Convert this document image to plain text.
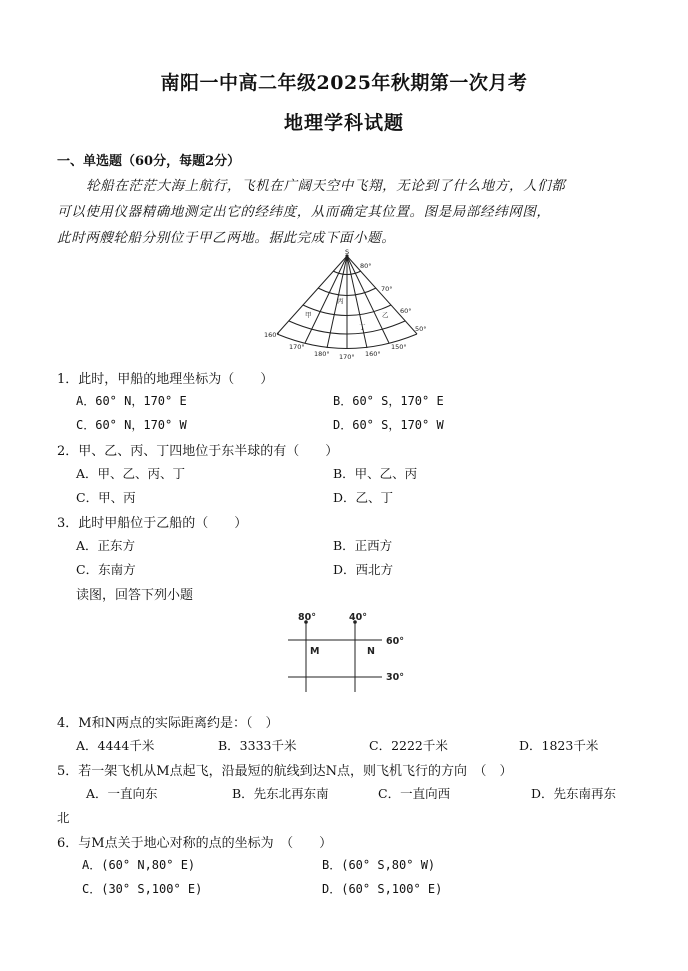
南阳一中高二年级2025年秋期第一次月考
地理学科试题
一、单选题（60分，每题2分）
轮船在茫茫大海上航行，飞机在广阔天空中飞翔，无论到了什么地方，人们都
可以使用仪器精确地测定出它的经纬度，从而确定其位置。图是局部经纬网图，
此时两艘轮船分别位于甲乙两地。据此完成下面小题。
S
80°
70°
60°
50°
160°
170°
180° 170° 160°
150°
甲
丙
丁
乙
1．此时，甲船的地理坐标为（　　）
A．60° N，170° E	B．60° S，170° E
C．60° N，170° W	D．60° S，170° W
2．甲、乙、丙、丁四地位于东半球的有（　　）
A．甲、乙、丙、丁	B．甲、乙、丙
C．甲、丙	D．乙、丁
3．此时甲船位于乙船的（　　）
A．正东方	B．正西方
C．东南方	D．西北方
读图，回答下列小题
80°	40°
60°
30°
M	N
4．M和N两点的实际距离约是：（　）
A．4444千米	B．3333千米	C．2222千米	D．1823千米
5．若一架飞机从M点起飞，沿最短的航线到达N点，则飞机飞行的方向　（　）
A．一直向东	B．先东北再东南	C．一直向西	D．先东南再东
北
6．与M点关于地心对称的点的坐标为　（　　）
A．(60° N,80° E)	B．(60° S,80° W)
C．(30° S,100° E)	D．(60° S,100° E)
